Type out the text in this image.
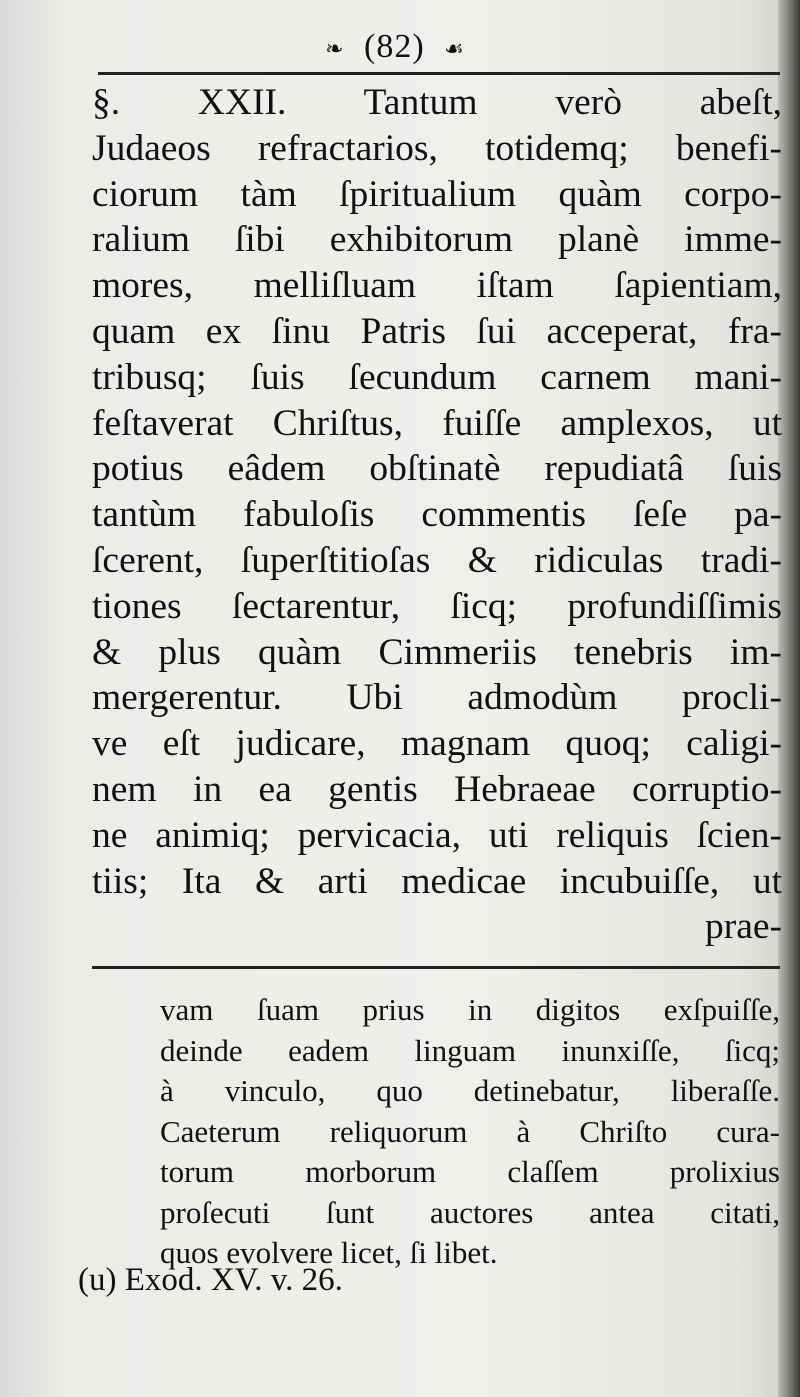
❧ (82) ☙
§. XXII. Tantum verò abeſt,
Judaeos refractarios, totidemq; benefi-
ciorum tàm ſpiritualium quàm corpo-
ralium ſibi exhibitorum planè imme-
mores, melliſluam iſtam ſapientiam,
quam ex ſinu Patris ſui acceperat, fra-
tribusq; ſuis ſecundum carnem mani-
feſtaverat Chriſtus, fuiſſe amplexos, ut
potius eâdem obſtinatè repudiatâ ſuis
tantùm fabuloſis commentis ſeſe pa-
ſcerent, ſuperſtitioſas & ridiculas tradi-
tiones ſectarentur, ſicq; profundiſſimis
& plus quàm Cimmeriis tenebris im-
mergerentur. Ubi admodùm procli-
ve eſt judicare, magnam quoq; caligi-
nem in ea gentis Hebraeae corruptio-
ne animiq; pervicacia, uti reliquis ſcien-
tiis; Ita & arti medicae incubuiſſe, ut
prae-
vam ſuam prius in digitos exſpuiſſe,
deinde eadem linguam inunxiſſe, ſicq;
à vinculo, quo detinebatur, liberaſſe.
Caeterum reliquorum à Chriſto cura-
torum morborum claſſem prolixius
proſecuti ſunt auctores antea citati,
quos evolvere licet, ſi libet.
(u) Exod. XV. v. 26.
